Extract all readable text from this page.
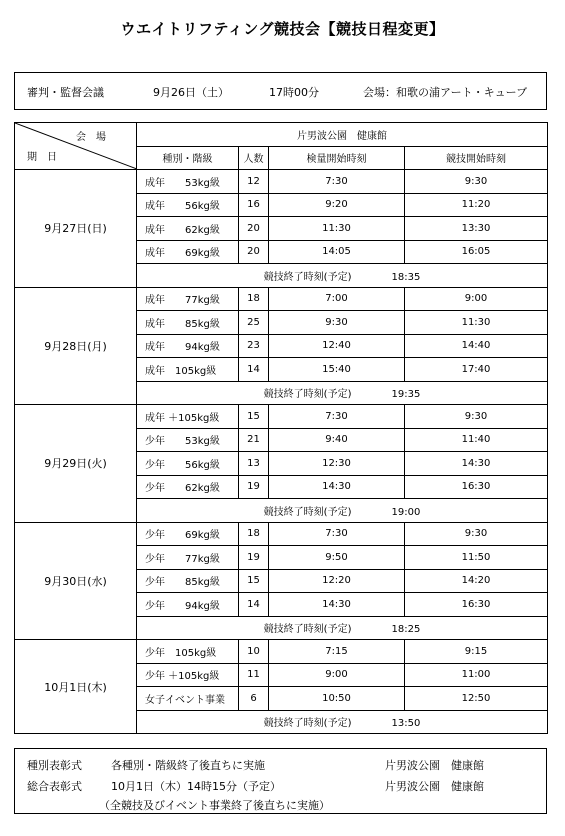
ウエイトリフティング競技会【競技日程変更】
審判・監督会議	9月26日（土）	17時00分	会場：和歌の浦アート・キューブ
会　場
期　日	片男波公園　健康館			
	種別・階級	人数	検量開始時刻	競技開始時刻
9月27日(日)	成年　　53kg級	12	7:30	9:30
	成年　　56kg級	16	9:20	11:20
	成年　　62kg級	20	11:30	13:30
	成年　　69kg級	20	14:05	16:05
	競技終了時刻(予定) 18:35			
9月28日(月)	成年　　77kg級	18	7:00	9:00
	成年　　85kg級	25	9:30	11:30
	成年　　94kg級	23	12:40	14:40
	成年　105kg級	14	15:40	17:40
	競技終了時刻(予定) 19:35			
9月29日(火)	成年 ＋105kg級	15	7:30	9:30
	少年　　53kg級	21	9:40	11:40
	少年　　56kg級	13	12:30	14:30
	少年　　62kg級	19	14:30	16:30
	競技終了時刻(予定) 19:00			
9月30日(水)	少年　　69kg級	18	7:30	9:30
	少年　　77kg級	19	9:50	11:50
	少年　　85kg級	15	12:20	14:20
	少年　　94kg級	14	14:30	16:30
	競技終了時刻(予定) 18:25			
10月1日(木)	少年　105kg級	10	7:15	9:15
	少年 ＋105kg級	11	9:00	11:00
	女子イベント事業	6	10:50	12:50
	競技終了時刻(予定) 13:50			
種別表彰式	各種別・階級終了後直ちに実施	片男波公園　健康館
総合表彰式	10月1日（木）14時15分（予定）	片男波公園　健康館
（全競技及びイベント事業終了後直ちに実施）
